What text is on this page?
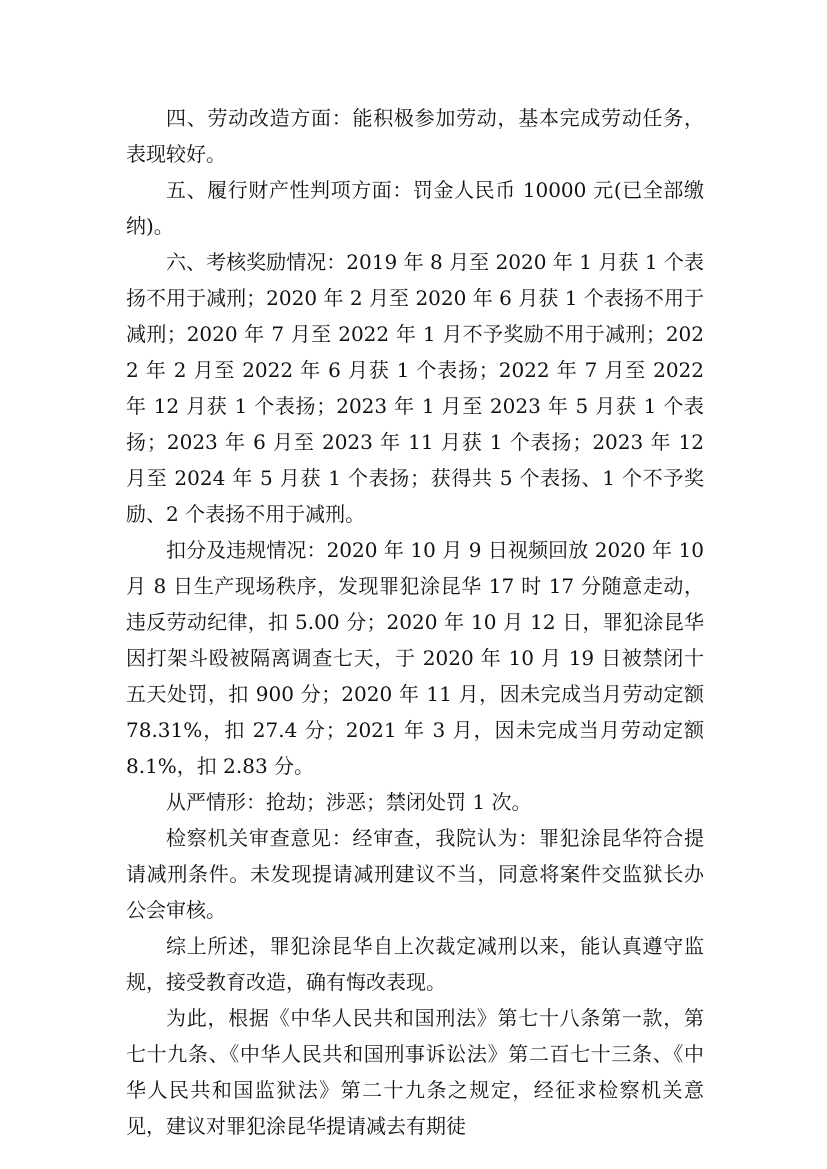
四、劳动改造方面：能积极参加劳动，基本完成劳动任务，表现较好。

五、履行财产性判项方面：罚金人民币 10000 元(已全部缴纳)。

六、考核奖励情况：2019 年 8 月至 2020 年 1 月获 1 个表扬不用于减刑；2020 年 2 月至 2020 年 6 月获 1 个表扬不用于减刑；2020 年 7 月至 2022 年 1 月不予奖励不用于减刑；2022 年 2 月至 2022 年 6 月获 1 个表扬；2022 年 7 月至 2022 年 12 月获 1 个表扬；2023 年 1 月至 2023 年 5 月获 1 个表扬；2023 年 6 月至 2023 年 11 月获 1 个表扬；2023 年 12 月至 2024 年 5 月获 1 个表扬；获得共 5 个表扬、1 个不予奖励、2 个表扬不用于减刑。

扣分及违规情况：2020 年 10 月 9 日视频回放 2020 年 10 月 8 日生产现场秩序，发现罪犯涂昆华 17 时 17 分随意走动，违反劳动纪律，扣 5.00 分；2020 年 10 月 12 日，罪犯涂昆华因打架斗殴被隔离调查七天，于 2020 年 10 月 19 日被禁闭十五天处罚，扣 900 分；2020 年 11 月，因未完成当月劳动定额 78.31%，扣 27.4 分；2021 年 3 月，因未完成当月劳动定额 8.1%，扣 2.83 分。

从严情形：抢劫；涉恶；禁闭处罚 1 次。

检察机关审查意见：经审查，我院认为：罪犯涂昆华符合提请减刑条件。未发现提请减刑建议不当，同意将案件交监狱长办公会审核。

综上所述，罪犯涂昆华自上次裁定减刑以来，能认真遵守监规，接受教育改造，确有悔改表现。

为此，根据《中华人民共和国刑法》第七十八条第一款，第七十九条、《中华人民共和国刑事诉讼法》第二百七十三条、《中华人民共和国监狱法》第二十九条之规定，经征求检察机关意见，建议对罪犯涂昆华提请减去有期徒
